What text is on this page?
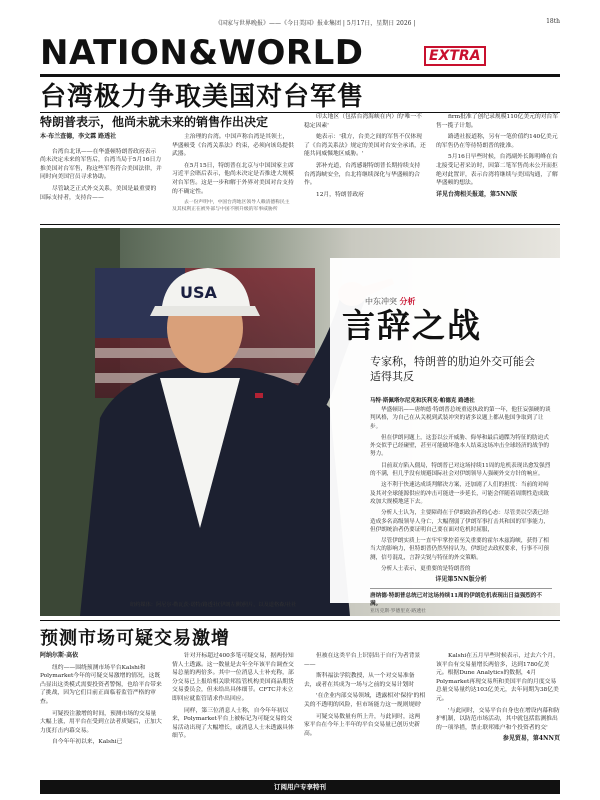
《国家与世界晚报》——《今日美国》报业集团 | 5月17日，星期日 2026 |	18th
NATION&WORLD	EXTRA
台湾极力争取美国对台军售
特朗普表示，他尚未就未来的销售作出决定
本·布兰查德，李文霖 路透社

台湾台北讯——在华盛顿特朗普政府表示尚未决定未来的军售后，台湾当局于5月16日力推美国对台军售，称这些军售符合美国法律，并同时向美国官员寻求协助。

尽管缺乏正式外交关系，美国是最重要的国际支持者，支持台——

主治理的台湾。中国声称台湾是其领土，华盛顿受《台湾关系法》约束，必须向该岛提供武器。

在5月15日，特朗普在北京与中国国家主席习近平会晤后表示，他尚未决定是否推进大规模对台军售。这是一步和解于外界对美国对台支持的不确定性。

去一份声明中，中国台湾地区领导人赖清德称民主及其权利正在被外部与中国不断升级的军事威胁所

印太地区（包括台湾海峡在内）的'唯一不稳定因素'

她表示：'我方，台美之间的军售不仅体现了《台湾关系法》规定的美国对台安全承诺，还能共同威慑地区威胁。'

郭补充道，台湾感谢特朗普长期持续支持台湾海峡安全，台北将继续深化与华盛顿的合作。

12月，特朗普政府

firm批准了创纪录规模110亿美元的对台军售一揽子计划。

路透社报道称，另有一笔价值约140亿美元的军售仍在等待特朗普的批准。

5月16日早些时候，台湾副外长陈明峰在台北接受记者采访时，因第二笔军售尚未公开而拒绝对此置评，表示台湾将继续与美国沟通，了解华盛顿的想法。

详见台湾相关报道，第5NN版
USA	中东冲突 分析
言辞之战
专家称，特朗普的肋迫外交可能会适得其反
马特·斯佩塔尔尼克和沃利克·帕德克 路透社

华盛顿讯——唐纳德·特朗普总统重返执政的第一年，他狂妄强硬的谈判风格，为自己在从关税到武装冲突的诸多议题上都从他国争取到了让步。

但在伊朗问题上，这套以公开威胁、侮辱和最后通牒为特征的肋迫式外交似乎已经碰壁，甚至可能破坏他本人结束这场冲击全球经济的战争的努力。

目前双方陷入僵局，特朗普已对这场持续11周的危机表现出愈发强烈的不满，但几乎没有规避国际社会对伊朗领导人强硬外交方针的响应。

这不利于快速达成谈判解决方案，还加剧了人们的担忧：当前的对峙及其对全球能源供应的冲击可能进一步延长，可能会伴随着周期性造成致攻加大规模地延下去。

分析人士认为，主要障碍在于伊朗政治者的心态：尽管美以空袭已经造成多名高级领导人身亡，大幅削弱了伊朗军事打击其和国的军事能力，但伊朗统治者仍要证明自己要在面对危机时屈服，

尽管伊朗实质上一直牢牢掌控着至关重要的霍尔木兹海峡，获得了相当大的影响力，但特朗普仍然坚持认为，伊朗过去政权要求，行事不可预测，信号混乱，言辞尖锐与特征的外交策略。

分析人士表示，更重要的是特朗普的

详见第5NN版分析
唐纳德·特朗普总统已对这场持续11周的伊朗危机表现出日益强烈的不满。
亚历克斯·罗德里克·路透社
纽约媒体：阿尼尔·勒瓦茨·诺特/路透社(伊朗左侧)照片，以及道格森/社社
预测市场可疑交易激增
阿纳尔斯·高依

纽约——围绕预测市场平台Kalshi和Polymarket今年的可疑交易激增的情况，这既凸显出这类模式需要投资者警惕，也给平台带来了挑战，因为它们目前正面临着监管严格的审查。

可疑投注激增的时间，预测市场的交易量大幅上涨，用平台在受到立法者质疑后，正加大力度打击内幕交易。

自今年年初以来，Kalshi已

针对开标超过400多笔可疑交易，据两份知情人士透露。这一数量是去年全年该平台调查交易总量的两倍多。其中一位消息人士补充称，部分交易已上报给相关联邦监管机构美国商品期货交易委员会，但未给出具体细节。CFTC并未立即回应就监管请求作出回应。

同样，第三位消息人士称，自今年年初以来，Polymarket平台上被标记为可疑交易的交易活动出现了大幅增长，或消息人士未透露具体细节。

但被在这类平台上识别出于自行为者背景——

斯科福法学院教授，从一个对交易准备去，或者在其成为一场与之前的交易计划时

'在企业内部交易领域，透露相对'保持'的相关的不透明的风险，但市场能力这一规则规则'

可疑交易数量有所上升，与此同时，这两家平台在今年上半年的平台交易量已创历史新高。

Kalshi在五月早些时候表示，过去六个月，该平台有交易量增长两倍多，达到1780亿美元。根据Dune Analytics的数据，4月Polymarket再现交易所和美国平台的月度交易总量交易量约达103亿美元，去年同期为38亿美元。

'与此同时，交易平台自身也在增设内幕和防护机制，以防范市场活动，其中就包括监测推出的一项举措，禁止联邦账户和个投资者的交'

参见贸易，第4NN页
订阅用户专享特刊
